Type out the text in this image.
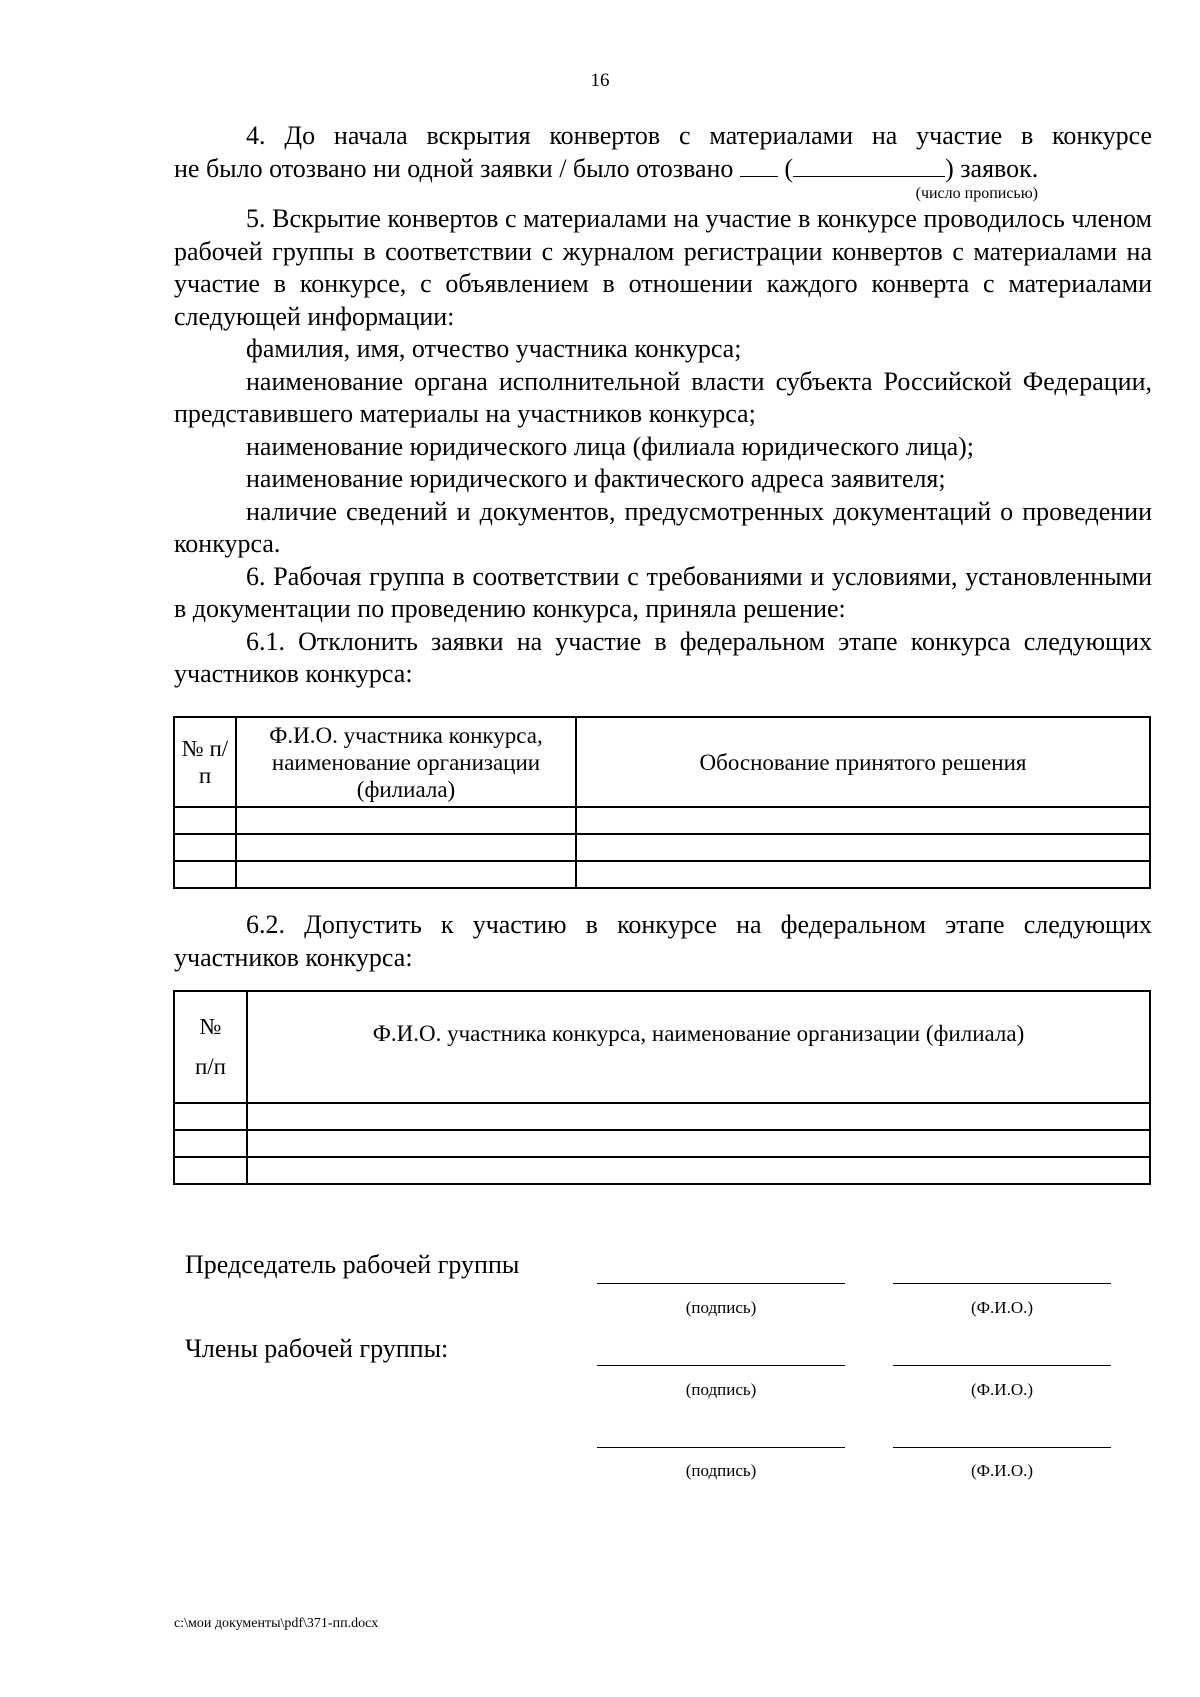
16

4. До начала вскрытия конвертов с материалами на участие в конкурсе

не было отозвано ни одной заявки / было отозвано (	) заявок.

(число прописью)

5. Вскрытие конвертов с материалами на участие в конкурсе проводилось членом рабочей группы в соответствии с журналом регистрации конвертов с материалами на участие в конкурсе, с объявлением в отношении каждого конверта с материалами следующей информации:

фамилия, имя, отчество участника конкурса;

наименование органа исполнительной власти субъекта Российской Федерации, представившего материалы на участников конкурса;

наименование юридического лица (филиала юридического лица);

наименование юридического и фактического адреса заявителя;

наличие сведений и документов, предусмотренных документаций о проведении конкурса.

6. Рабочая группа в соответствии с требованиями и условиями, установленными в документации по проведению конкурса, приняла решение:

6.1. Отклонить заявки на участие в федеральном этапе конкурса следующих участников конкурса:

№ п/п	Ф.И.О. участника конкурса, наименование организации (филиала)	Обоснование принятого решения

6.2. Допустить к участию в конкурсе на федеральном этапе следующих участников конкурса:

№
п/п	Ф.И.О. участника конкурса, наименование организации (филиала)

Председатель рабочей группы
(подпись)	(Ф.И.О.)
Члены рабочей группы:
(подпись)	(Ф.И.О.)
(подпись)	(Ф.И.О.)
c:\мои документы\pdf\371-пп.docx
